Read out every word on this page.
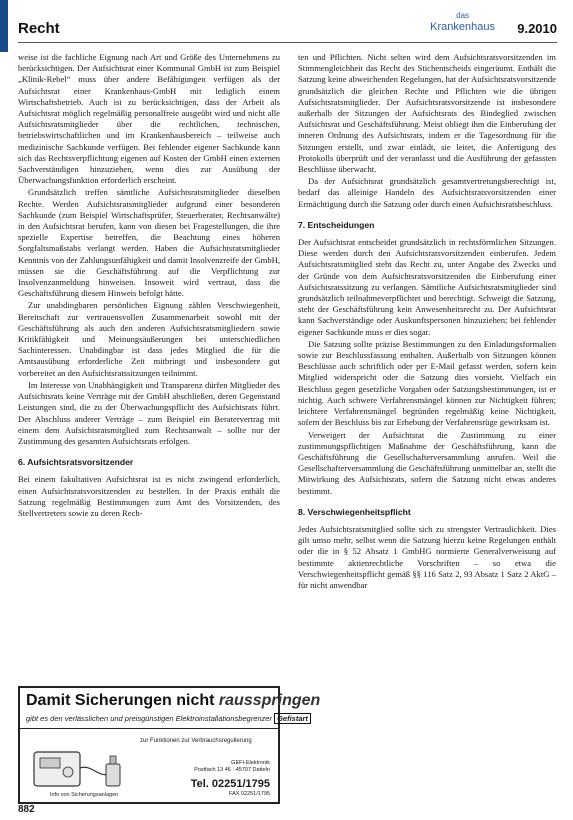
Recht
das
Krankenhaus 9.2010

weise ist die fachliche Eignung nach Art und Größe des Unternehmens zu berücksichtigen. Der Aufsichtsrat einer Kommunal GmbH ist zum Beispiel „Klinik-Rebel“ muss über andere Befähigungen verfügen als der Aufsichtsrat einer Krankenhaus-GmbH mit lediglich einem Wirtschaftsbetrieb. Auch ist zu berücksichtigen, dass der Arbeit als Aufsichtsrat möglich regelmäßig personalfreie ausgeübt wird und nicht alle Aufsichtsratsmitglieder über die rechtlichen, technischen, betriebswirtschaftlichen und im Krankenhausbereich – teilweise auch medizinische Sachkunde verfügen. Bei fehlender eigener Sachkunde kann sich das Rechtsverpflichtung eigenen auf Kosten der GmbH einen externen Sachverständigen hinzuziehen, wenn dies zur Ausübung der Überwachungsfunktion erforderlich erscheint.

Grundsätzlich treffen sämtliche Aufsichtsratsmitglieder dieselben Rechte. Werden Aufsichtsratsmitglieder aufgrund einer besonderen Sachkunde (zum Beispiel Wirtschaftsprüfer, Steuerberater, Rechtsanwälte) in den Aufsichtsrat berufen, kann von diesen bei Fragestellungen, die ihre spezielle Expertise betreffen, die Beachtung eines höheren Sorgfaltsmaßstabs verlangt werden. Haben die Aufsichtsratsmitglieder Kenntnis von der Zahlungsunfähigkeit und damit Insolvenzreife der GmbH, müssen sie die Geschäftsführung auf die Verpflichtung zur Insolvenzanmeldung hinweisen. Insoweit wird vertraut, dass die Geschäftsführung diesem Hinweis befolgt hätte.

Zur unabdingbaren persönlichen Eignung zählen Verschwiegenheit, Bereitschaft zur vertrauensvollen Zusammenarbeit sowohl mit der Geschäftsführung als auch den anderen Aufsichtsratsmitgliedern sowie Kritikfähigkeit und Meinungsäußerungen bei unterschiedlichen Sachinteressen. Unabdingbar ist dass jedes Mitglied die für die Amtsausübung erforderliche Zeit mitbringt und insbesondere gut vorbereitet an den Aufsichtsratssitzungen teilnimmt.

Im Interesse von Unabhängigkeit und Transparenz dürfen Mitglieder des Aufsichtsrats keine Verträge mit der GmbH abschließen, deren Gegenstand Leistungen sind, die zu der Überwachungspflicht des Aufsichtsrats führt. Der Abschluss anderer Verträge – zum Beispiel ein Beratervertrag mit einem dem Aufsichtsratsmitglied zum Rechtsanwalt – sollte nur der Zustimmung des gesamten Aufsichtsrats erfolgen.

6. Aufsichtsratsvorsitzender

Bei einem fakultativen Aufsichtsrat ist es nicht zwingend erforderlich, einen Aufsichtsratsvorsitzenden zu bestellen. In der Praxis enthält die Satzung regelmäßig Bestimmungen zum Amt des Vorsitzenden, des Stellvertreters sowie zu deren Rech-

ten und Pflichten. Nicht selten wird dem Aufsichtsratsvorsitzenden im Stimmengleichheit das Recht des Stichentscheids eingeräumt. Enthält die Satzung keine abweichenden Regelungen, hat der Aufsichtsratsvorsitzende grundsätzlich die gleichen Rechte und Pflichten wie die übrigen Aufsichtsratsmitglieder. Der Aufsichtsratsvorsitzende ist insbesondere außerhalb der Sitzungen der Aufsichtsrats des Bindeglied zwischen Aufsichtsrat und Geschäftsführung. Meist obliegt ihm die Einberufung der inneren Ordnung des Aufsichtsrats, indem er die Tagesordnung für die Sitzungen erstellt, und zwar einlädt, sie leitet, die Anfertigung des Protokolls überprüft und der veranlasst und die Ausführung der gefassten Beschlüsse überwacht.

Da der Aufsichtsrat grundsätzlich gesamtvertretungsberechtigt ist, bedarf das alleinige Handeln des Aufsichtsratsvorsitzenden einer Ermächtigung durch die Satzung oder durch einen Aufsichtsratsbeschluss.

7. Entscheidungen

Der Aufsichtsrat entscheidet grundsätzlich in rechtsförmlichen Sitzungen. Diese werden durch den Aufsichtsratsvorsitzenden einberufen. Jedem Aufsichtsratsmitglied steht das Recht zu, unter Angabe des Zwecks und der Gründe von dem Aufsichtsratsvorsitzenden die Einberufung einer Aufsichtsratssitzung zu verlangen. Sämtliche Aufsichtsratsmitglieder sind grundsätzlich teilnahmeverpflichtet und berechtigt. Schweigt die Satzung, steht der Geschäftsführung kein Anwesenheitsrecht zu. Der Aufsichtsrat kann Sachverständige oder Auskunftspersonen hinzuziehen; bei fehlender eigener Sachkunde muss er dies sogar.

Die Satzung sollte präzise Bestimmungen zu den Einladungsformalien sowie zur Beschlussfassung enthalten. Außerhalb von Sitzungen können Beschlüsse auch schriftlich oder per E-Mail gefasst werden, sofern kein Mitglied widerspricht oder die Satzung dies vorsieht. Vielfach ein Beschluss gegen gesetzliche Vorgaben oder Satzungsbestimmungen, ist er nichtig. Auch schwere Verfahrensmängel können zur Nichtigkeit führen; leichtere Verfahrensmängel begründen regelmäßig keine Nichtigkeit, sofern der Beschluss bis zur Erhebung der Verfahrensrüge gewirksam ist.

Verweigert der Aufsichtsrat die Zustimmung zu einer zustimmungspflichtigen Maßnahme der Geschäftsführung, kann die Geschäftsführung die Gesellschafterversammlung anrufen. Weil die Gesellschafterversammlung die Geschäftsführung unmittelbar an, stellt die Mitwirkung des Aufsichtsrats, sofern die Satzung nicht etwas anderes bestimmt.

8. Verschwiegenheitspflicht

Jedes Aufsichtsratsmitglied sollte sich zu strengster Vertraulichkeit. Dies gilt umso mehr, selbst wenn die Satzung hierzu keine Regelungen enthält oder die in § 52 Absatz 1 GmbHG normierte Generalverweisung auf bestimmte aktienrechtliche Vorschriften – so etwa die Verschwiegenheitspflicht gemäß §§ 116 Satz 2, 93 Absatz 1 Satz 2 AktG – für nicht anwendbar

Damit Sicherungen nicht rausspringen
gibt es den verlässlichen und preisgünstigen Elektroinstallationsbegrenzer Gefistart
zur Funktionen zur Verbrauchsregulierung
GEFI-Elektronik
Postfach 13 46 · 45707 Datteln
Tel. 02251/1795
FAX 02251/1795
Info von Sicherungsanlagen
882
